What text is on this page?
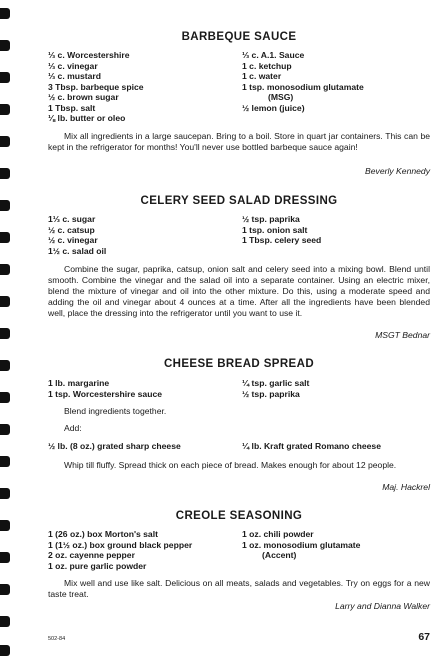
BARBEQUE SAUCE
⅓ c. Worcestershire
⅓ c. vinegar
⅓ c. mustard
3 Tbsp. barbeque spice
½ c. brown sugar
1 Tbsp. salt
⅛ lb. butter or oleo
⅓ c. A.1. Sauce
1 c. ketchup
1 c. water
1 tsp. monosodium glutamate
(MSG)
½ lemon (juice)
Mix all ingredients in a large saucepan. Bring to a boil. Store in quart jar containers. This can be kept in the refrigerator for months! You'll never use bottled barbeque sauce again!
Beverly Kennedy
CELERY SEED SALAD DRESSING
1⅓ c. sugar
½ c. catsup
½ c. vinegar
1½ c. salad oil
½ tsp. paprika
1 tsp. onion salt
1 Tbsp. celery seed
Combine the sugar, paprika, catsup, onion salt and celery seed into a mixing bowl. Blend until smooth. Combine the vinegar and the salad oil into a separate container. Using an electric mixer, blend the mixture of vinegar and oil into the other mixture. Do this, using a moderate speed and adding the oil and vinegar about 4 ounces at a time. After all the ingredients have been blended well, place the dressing into the refrigerator until you want to use it.
MSGT Bednar
CHEESE BREAD SPREAD
1 lb. margarine
1 tsp. Worcestershire sauce
¼ tsp. garlic salt
½ tsp. paprika
Blend ingredients together.
Add:
½ lb. (8 oz.) grated sharp cheese	¼ lb. Kraft grated Romano cheese
Whip till fluffy. Spread thick on each piece of bread. Makes enough for about 12 people.
Maj. Hackrel
CREOLE SEASONING
1 (26 oz.) box Morton's salt
1 (1½ oz.) box ground black pepper
2 oz. cayenne pepper
1 oz. pure garlic powder
1 oz. chili powder
1 oz. monosodium glutamate
(Accent)
Mix well and use like salt. Delicious on all meats, salads and vegetables. Try on eggs for a new taste treat.
Larry and Dianna Walker
502-84	67
